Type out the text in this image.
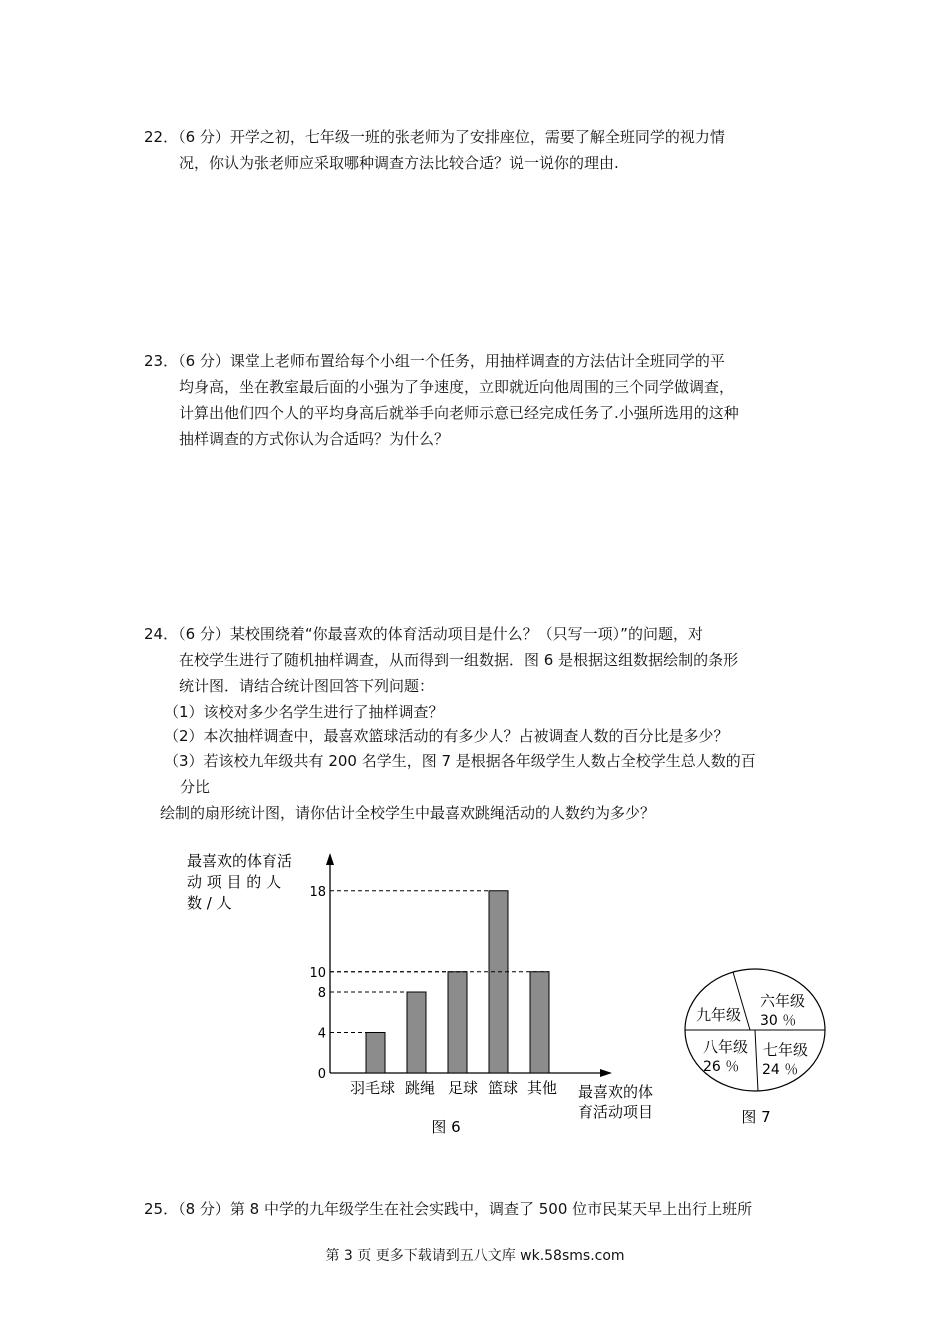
22．（6 分）开学之初，七年级一班的张老师为了安排座位，需要了解全班同学的视力情
况，你认为张老师应采取哪种调查方法比较合适？说一说你的理由.
23．（6 分）课堂上老师布置给每个小组一个任务，用抽样调查的方法估计全班同学的平
均身高，坐在教室最后面的小强为了争速度，立即就近向他周围的三个同学做调查，
计算出他们四个人的平均身高后就举手向老师示意已经完成任务了.小强所选用的这种
抽样调查的方式你认为合适吗？为什么？
24．（6 分）某校围绕着“你最喜欢的体育活动项目是什么？（只写一项）”的问题，对
在校学生进行了随机抽样调查，从而得到一组数据．图 6 是根据这组数据绘制的条形
统计图．请结合统计图回答下列问题：
（1）该校对多少名学生进行了抽样调查？
（2）本次抽样调查中，最喜欢篮球活动的有多少人？占被调查人数的百分比是多少？
（3）若该校九年级共有 200 名学生，图 7 是根据各年级学生人数占全校学生总人数的百
分比
绘制的扇形统计图，请你估计全校学生中最喜欢跳绳活动的人数约为多少？
最喜欢的体育活
动 项 目 的 人
数 / 人
0
4
8
10
18
羽毛球 跳绳 足球 篮球 其他 最喜欢的体
育活动项目
图 6
六年级
30 ％
七年级
24 ％
八年级
26 ％
九年级
图 7
25．（8 分）第 8 中学的九年级学生在社会实践中，调查了 500 位市民某天早上出行上班所
第 3 页 更多下载请到五八文库 wk.58sms.com
